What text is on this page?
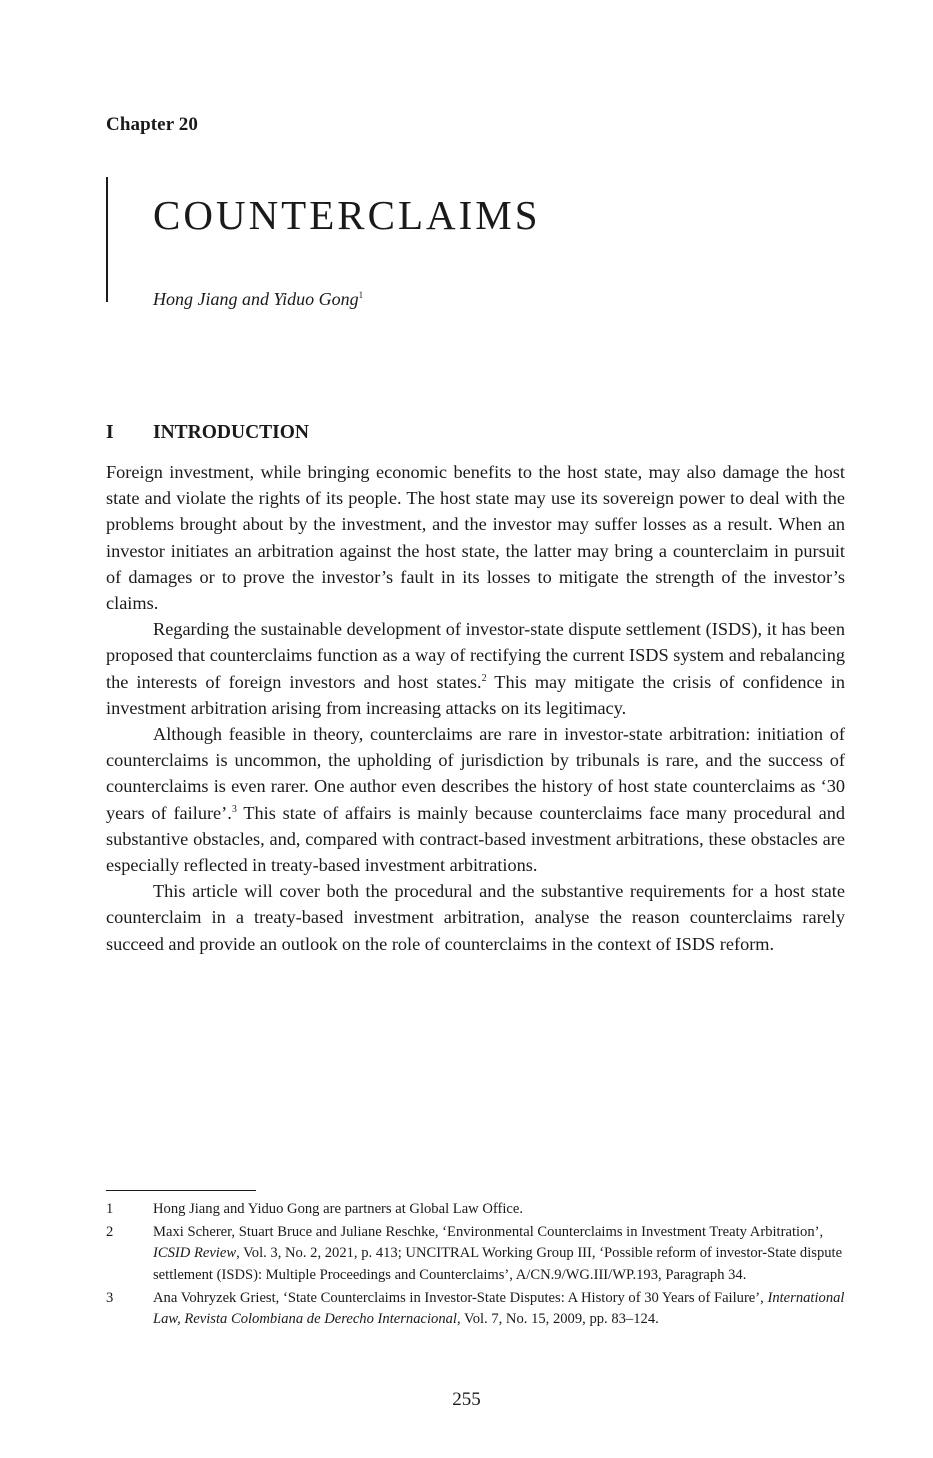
Chapter 20
COUNTERCLAIMS
Hong Jiang and Yiduo Gong$^1$
I INTRODUCTION

Foreign investment, while bringing economic benefits to the host state, may also damage the host state and violate the rights of its people. The host state may use its sovereign power to deal with the problems brought about by the investment, and the investor may suffer losses as a result. When an investor initiates an arbitration against the host state, the latter may bring a counterclaim in pursuit of damages or to prove the investor’s fault in its losses to mitigate the strength of the investor’s claims.

Regarding the sustainable development of investor-state dispute settlement (ISDS), it has been proposed that counterclaims function as a way of rectifying the current ISDS system and rebalancing the interests of foreign investors and host states.$^2$ This may mitigate the crisis of confidence in investment arbitration arising from increasing attacks on its legitimacy.

Although feasible in theory, counterclaims are rare in investor-state arbitration: initiation of counterclaims is uncommon, the upholding of jurisdiction by tribunals is rare, and the success of counterclaims is even rarer. One author even describes the history of host state counterclaims as ‘30 years of failure’.$^3$ This state of affairs is mainly because counterclaims face many procedural and substantive obstacles, and, compared with contract-based investment arbitrations, these obstacles are especially reflected in treaty-based investment arbitrations.

This article will cover both the procedural and the substantive requirements for a host state counterclaim in a treaty-based investment arbitration, analyse the reason counterclaims rarely succeed and provide an outlook on the role of counterclaims in the context of ISDS reform.

1	Hong Jiang and Yiduo Gong are partners at Global Law Office.
2	Maxi Scherer, Stuart Bruce and Juliane Reschke, ‘Environmental Counterclaims in Investment Treaty Arbitration’, ICSID Review, Vol. 3, No. 2, 2021, p. 413; UNCITRAL Working Group III, ‘Possible reform of investor-State dispute settlement (ISDS): Multiple Proceedings and Counterclaims’, A/CN.9/WG.III/WP.193, Paragraph 34.
3	Ana Vohryzek Griest, ‘State Counterclaims in Investor-State Disputes: A History of 30 Years of Failure’, International Law, Revista Colombiana de Derecho Internacional, Vol. 7, No. 15, 2009, pp. 83–124.
255
